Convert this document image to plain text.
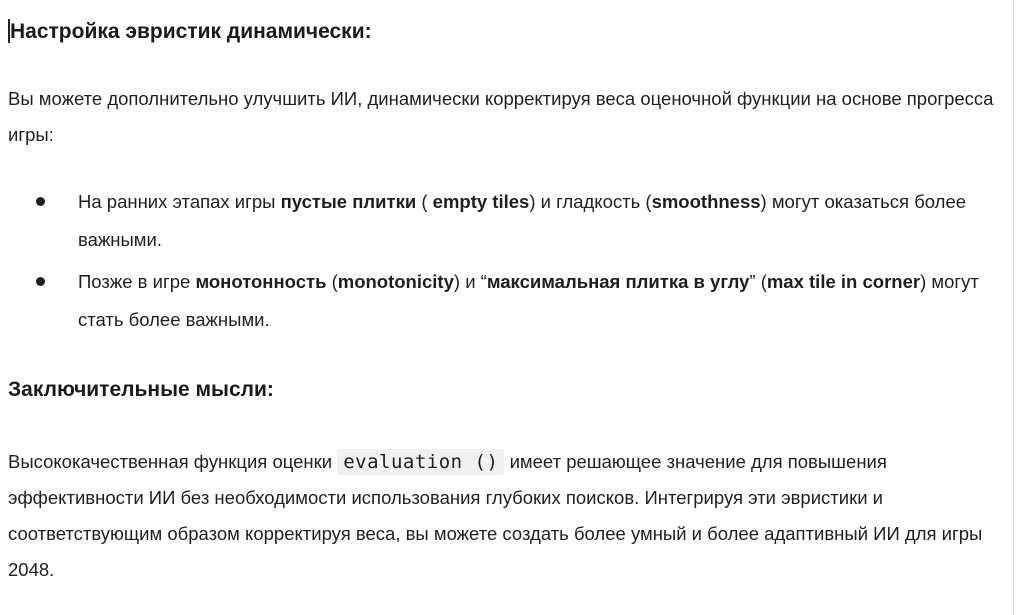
Настройка эвристик динамически:

Вы можете дополнительно улучшить ИИ, динамически корректируя веса оценочной функции на основе прогресса игры:

На ранних этапах игры пустые плитки ( empty tiles) и гладкость (smoothness) могут оказаться более важными.
Позже в игре монотонность (monotonicity) и “максимальная плитка в углу” (max tile in corner) могут стать более важными.
Заключительные мысли:

Высококачественная функция оценки evaluation () имеет решающее значение для повышения эффективности ИИ без необходимости использования глубоких поисков. Интегрируя эти эвристики и соответствующим образом корректируя веса, вы можете создать более умный и более адаптивный ИИ для игры 2048.
